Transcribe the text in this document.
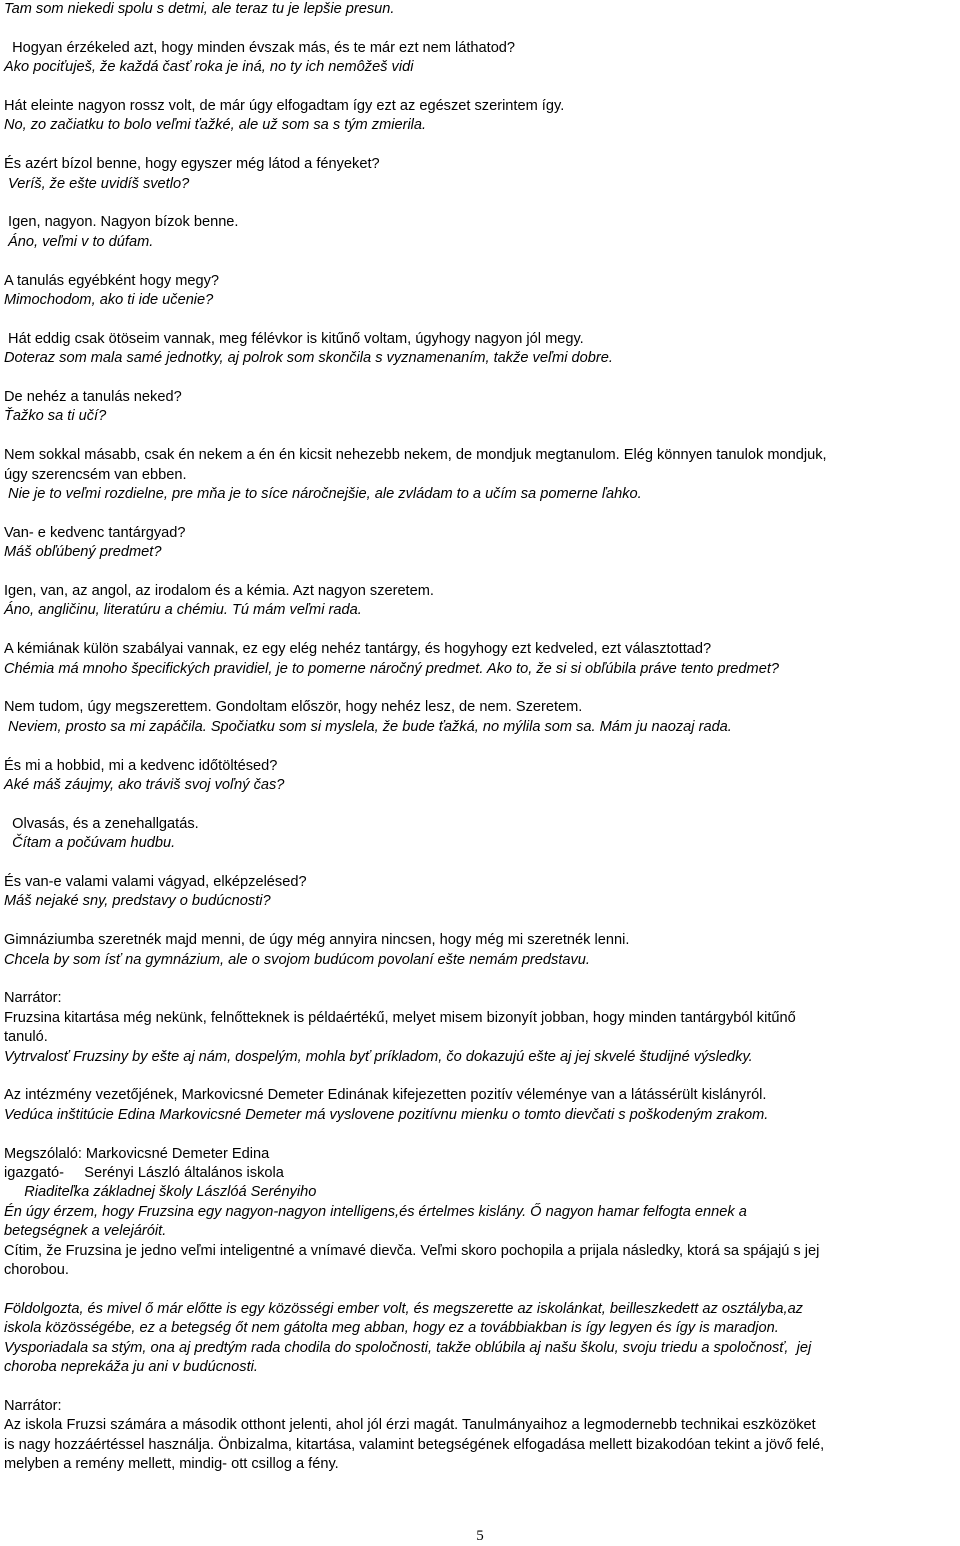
Tam som niekedi spolu s detmi, ale teraz tu je lepšie presun.
Hogyan érzékeled azt, hogy minden évszak más, és te már ezt nem láthatod?
Ako pociťuješ, že každá časť roka je iná, no ty ich nemôžeš vidi
Hát eleinte nagyon rossz volt, de már úgy elfogadtam így ezt az egészet szerintem így.
No, zo začiatku to bolo veľmi ťažké, ale už som sa s tým zmierila.
És azért bízol benne, hogy egyszer még látod a fényeket?
Veríš, že ešte uvidíš svetlo?
Igen, nagyon. Nagyon bízok benne.
Áno, veľmi v to dúfam.
A tanulás egyébként hogy megy?
Mimochodom, ako ti ide učenie?
Hát eddig csak ötöseim vannak, meg félévkor is kitűnő voltam, úgyhogy nagyon jól megy.
Doteraz som mala samé jednotky, aj polrok som skončila s vyznamenaním, takže veľmi dobre.
De nehéz a tanulás neked?
Ťažko sa ti učí?
Nem sokkal másabb, csak én nekem a én én kicsit nehezebb nekem, de mondjuk megtanulom. Elég könnyen tanulok mondjuk,
úgy szerencsém van ebben.
Nie je to veľmi rozdielne, pre mňa je to síce náročnejšie, ale zvládam to a učím sa pomerne ľahko.
Van- e kedvenc tantárgyad?
Máš obľúbený predmet?
Igen, van, az angol, az irodalom és a kémia. Azt nagyon szeretem.
Áno, angličinu, literatúru a chémiu. Tú mám veľmi rada.
A kémiának külön szabályai vannak, ez egy elég nehéz tantárgy, és hogyhogy ezt kedveled, ezt választottad?
Chémia má mnoho špecifických pravidiel, je to pomerne náročný predmet. Ako to, že si si obľúbila práve tento predmet?
Nem tudom, úgy megszerettem. Gondoltam először, hogy nehéz lesz, de nem. Szeretem.
Neviem, prosto sa mi zapáčila. Spočiatku som si myslela, že bude ťažká, no mýlila som sa. Mám ju naozaj rada.
És mi a hobbid, mi a kedvenc időtöltésed?
Aké máš záujmy, ako trávіš svoj voľný čas?
Olvasás, és a zenehallgatás.
Čítam a počúvam hudbu.
És van-e valami valami vágyad, elképzelésed?
Máš nejaké sny, predstavy o budúcnosti?
Gimnáziumba szeretnék majd menni, de úgy még annyira nincsen, hogy még mi szeretnék lenni.
Chcela by som ísť na gymnázium, ale o svojom budúcom povolaní ešte nemám predstavu.
Narrátor:
Fruzsina kitartása még nekünk, felnőtteknek is példaértékű, melyet misem bizonyít jobban, hogy minden tantárgyból kitűnő
tanuló.
Vytrvalosť Fruzsiny by ešte aj nám, dospelým, mohla byť príkladom, čo dokazujú ešte aj jej skvelé študijné výsledky.
Az intézmény vezetőjének, Markovicsné Demeter Edinának kifejezetten pozitív véleménye van a látássérült kislányról.
Vedúca inštitúcie Edina Markovicsné Demeter má vyslovene pozitívnu mienku o tomto dievčati s poškodeným zrakom.
Megszólaló: Markovicsné Demeter Edina
igazgató-     Serényi László általános iskola
Riaditeľka základnej školy Lászlóá Serényiho
Én úgy érzem, hogy Fruzsina egy nagyon-nagyon intelligens,és értelmes kislány. Ő nagyon hamar felfogta ennek a
betegségnek a velejáróit.
Cítim, že Fruzsina je jedno veľmi inteligentné a vnímavé dievča. Veľmi skoro pochopila a prijala následky, ktorá sa spájajú s jej
chorobou.
Földolgozta, és mivel ő már előtte is egy közösségi ember volt, és megszerette az iskolánkat, beilleszkedett az osztályba,az
iskola közösségébe, ez a betegség őt nem gátolta meg abban, hogy ez a továbbiakban is így legyen és így is maradjon.
Vysporiadala sa stým, ona aj predtým rada chodila do spoločnosti, takže oblúbila aj našu školu, svoju triedu a spoločnosť,  jej
choroba neprekáža ju ani v budúcnosti.
Narrátor:
Az iskola Fruzsi számára a második otthont jelenti, ahol jól érzi magát. Tanulmányaihoz a legmodernebb technikai eszközöket
is nagy hozzáértéssel használja. Önbizalma, kitartása, valamint betegségének elfogadása mellett bizakodóan tekint a jövő felé,
melyben a remény mellett, mindig- ott csillog a fény.
5
